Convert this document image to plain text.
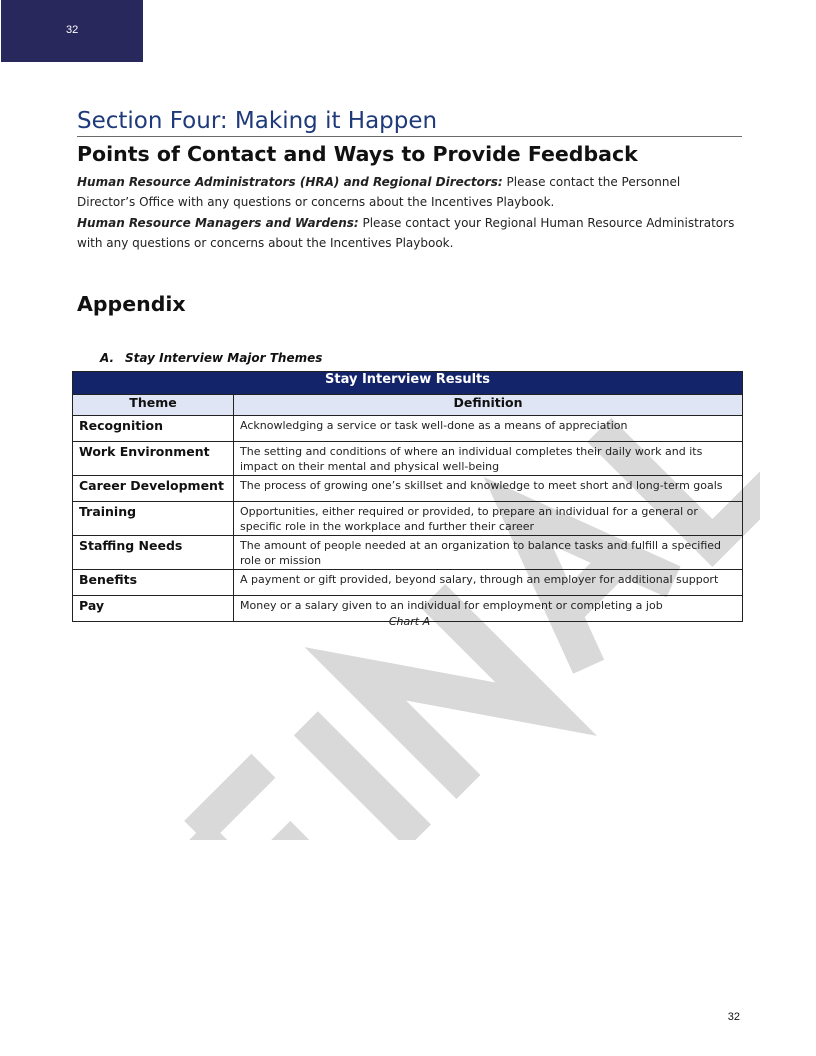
32
Section Four: Making it Happen
Points of Contact and Ways to Provide Feedback

Human Resource Administrators (HRA) and Regional Directors: Please contact the Personnel Director’s Office with any questions or concerns about the Incentives Playbook.

Human Resource Managers and Wardens: Please contact your Regional Human Resource Administrators with any questions or concerns about the Incentives Playbook.

Appendix
A. Stay Interview Major Themes
Stay Interview Results	
Theme	Definition
Recognition	Acknowledging a service or task well-done as a means of appreciation
Work Environment	The setting and conditions of where an individual completes their daily work and its impact on their mental and physical well-being
Career Development	The process of growing one’s skillset and knowledge to meet short and long-term goals
Training	Opportunities, either required or provided, to prepare an individual for a general or specific role in the workplace and further their career
Staffing Needs	The amount of people needed at an organization to balance tasks and fulfill a specified role or mission
Benefits	A payment or gift provided, beyond salary, through an employer for additional support
Pay	Money or a salary given to an individual for employment or completing a job
Chart A
32
